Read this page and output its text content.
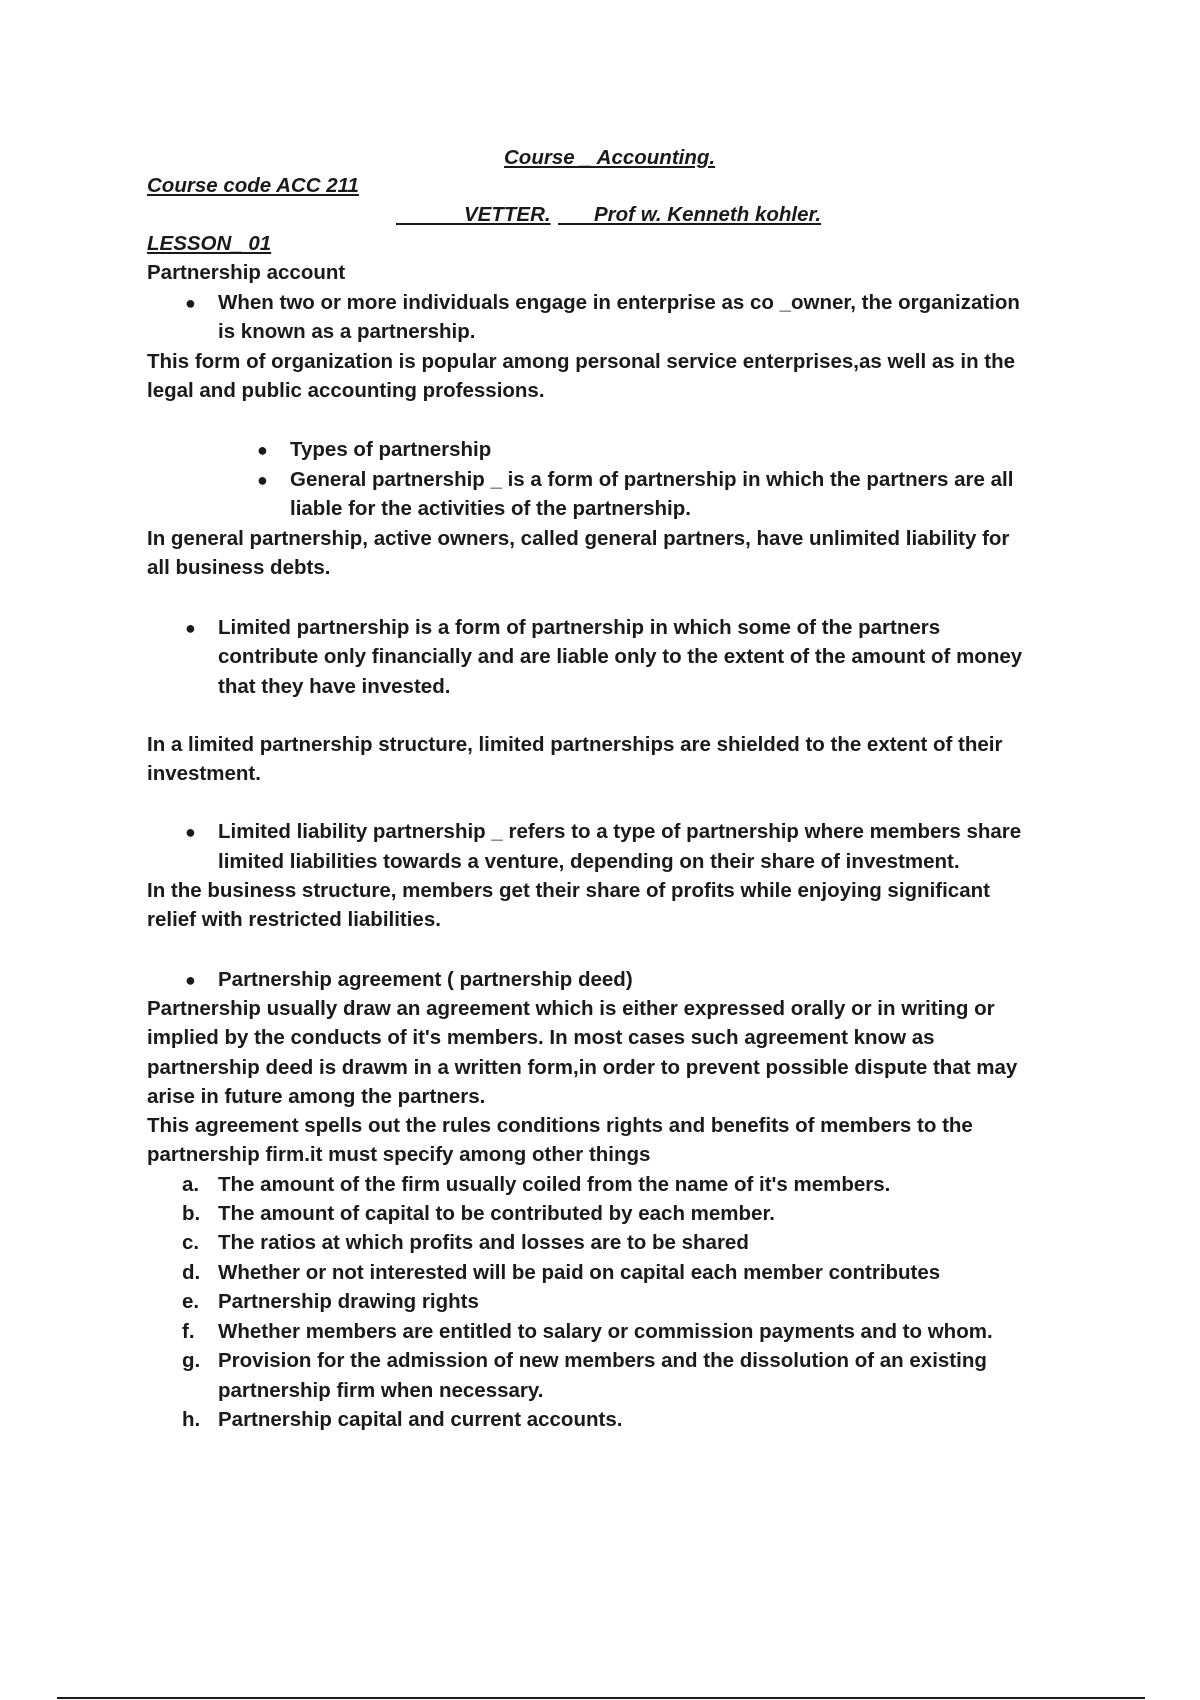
Course _ Accounting.
Course code ACC 211
VETTER. Prof w. Kenneth kohler.
LESSON_ 01
Partnership account
● When two or more individuals engage in enterprise as co _owner, the organization
is known as a partnership.
This form of organization is popular among personal service enterprises,as well as in the
legal and public accounting professions.
● Types of partnership
● General partnership _ is a form of partnership in which the partners are all
liable for the activities of the partnership.
In general partnership, active owners, called general partners, have unlimited liability for
all business debts.
● Limited partnership is a form of partnership in which some of the partners
contribute only financially and are liable only to the extent of the amount of money
that they have invested.
In a limited partnership structure, limited partnerships are shielded to the extent of their
investment.
● Limited liability partnership _ refers to a type of partnership where members share
limited liabilities towards a venture, depending on their share of investment.
In the business structure, members get their share of profits while enjoying significant
relief with restricted liabilities.
● Partnership agreement ( partnership deed)
Partnership usually draw an agreement which is either expressed orally or in writing or
implied by the conducts of it's members. In most cases such agreement know as
partnership deed is drawm in a written form,in order to prevent possible dispute that may
arise in future among the partners.
This agreement spells out the rules conditions rights and benefits of members to the
partnership firm.it must specify among other things
a. The amount of the firm usually coiled from the name of it's members.
b. The amount of capital to be contributed by each member.
c. The ratios at which profits and losses are to be shared
d. Whether or not interested will be paid on capital each member contributes
e. Partnership drawing rights
f. Whether members are entitled to salary or commission payments and to whom.
g. Provision for the admission of new members and the dissolution of an existing
partnership firm when necessary.
h. Partnership capital and current accounts.
